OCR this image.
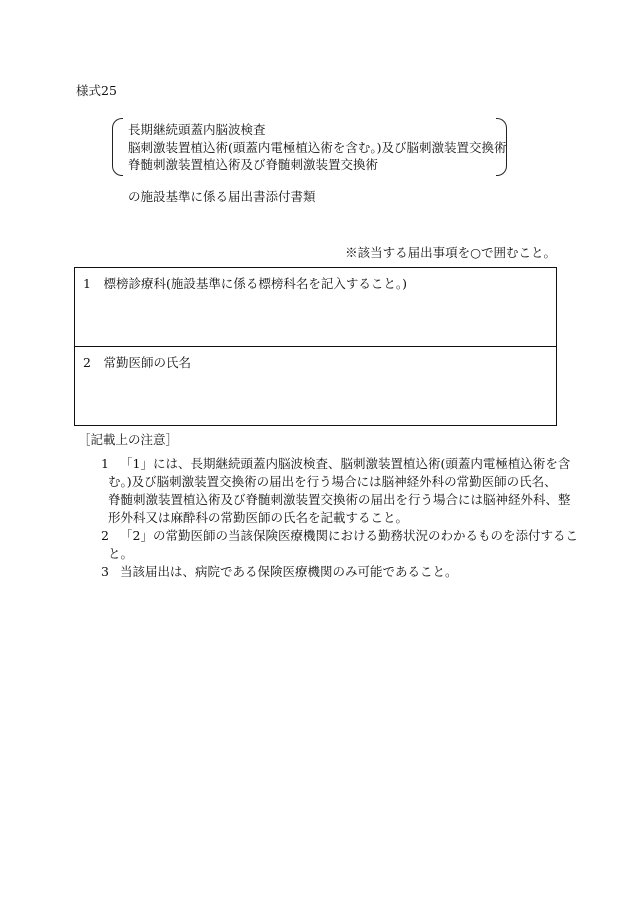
様式25
長期継続頭蓋内脳波検査
脳刺激装置植込術(頭蓋内電極植込術を含む。)及び脳刺激装置交換術
脊髄刺激装置植込術及び脊髄刺激装置交換術
の施設基準に係る届出書添付書類
※該当する届出事項を○で囲むこと。
1　標榜診療科(施設基準に係る標榜科名を記入すること。)
2　常勤医師の氏名
［記載上の注意］
1 「1」には、長期継続頭蓋内脳波検査、脳刺激装置植込術(頭蓋内電極植込術を含
む。)及び脳刺激装置交換術の届出を行う場合には脳神経外科の常勤医師の氏名、
脊髄刺激装置植込術及び脊髄刺激装置交換術の届出を行う場合には脳神経外科、整
形外科又は麻酔科の常勤医師の氏名を記載すること。
2 「2」の常勤医師の当該保険医療機関における勤務状況のわかるものを添付するこ
と。
3 当該届出は、病院である保険医療機関のみ可能であること。
